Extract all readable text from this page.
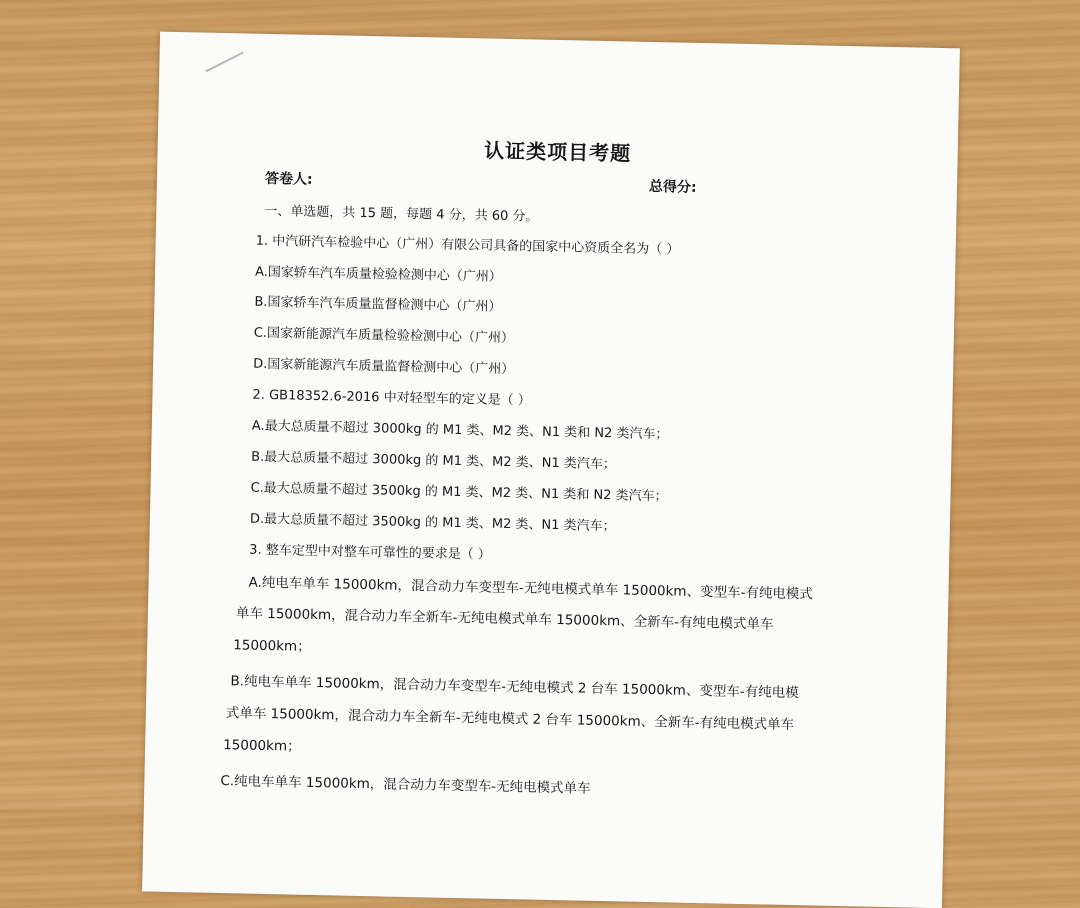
认证类项目考题
答卷人:	总得分:
一、单选题，共 15 题，每题 4 分，共 60 分。
1. 中汽研汽车检验中心（广州）有限公司具备的国家中心资质全名为（ ）
A.国家轿车汽车质量检验检测中心（广州）
B.国家轿车汽车质量监督检测中心（广州）
C.国家新能源汽车质量检验检测中心（广州）
D.国家新能源汽车质量监督检测中心（广州）
2. GB18352.6-2016 中对轻型车的定义是（ ）
A.最大总质量不超过 3000kg 的 M1 类、M2 类、N1 类和 N2 类汽车；
B.最大总质量不超过 3000kg 的 M1 类、M2 类、N1 类汽车；
C.最大总质量不超过 3500kg 的 M1 类、M2 类、N1 类和 N2 类汽车；
D.最大总质量不超过 3500kg 的 M1 类、M2 类、N1 类汽车；
3. 整车定型中对整车可靠性的要求是（ ）
A.纯电车单车 15000km，混合动力车变型车-无纯电模式单车 15000km、变型车-有纯电模式
单车 15000km，混合动力车全新车-无纯电模式单车 15000km、全新车-有纯电模式单车
15000km；
B.纯电车单车 15000km，混合动力车变型车-无纯电模式 2 台车 15000km、变型车-有纯电模
式单车 15000km，混合动力车全新车-无纯电模式 2 台车 15000km、全新车-有纯电模式单车
15000km；
C.纯电车单车 15000km，混合动力车变型车-无纯电模式单车
